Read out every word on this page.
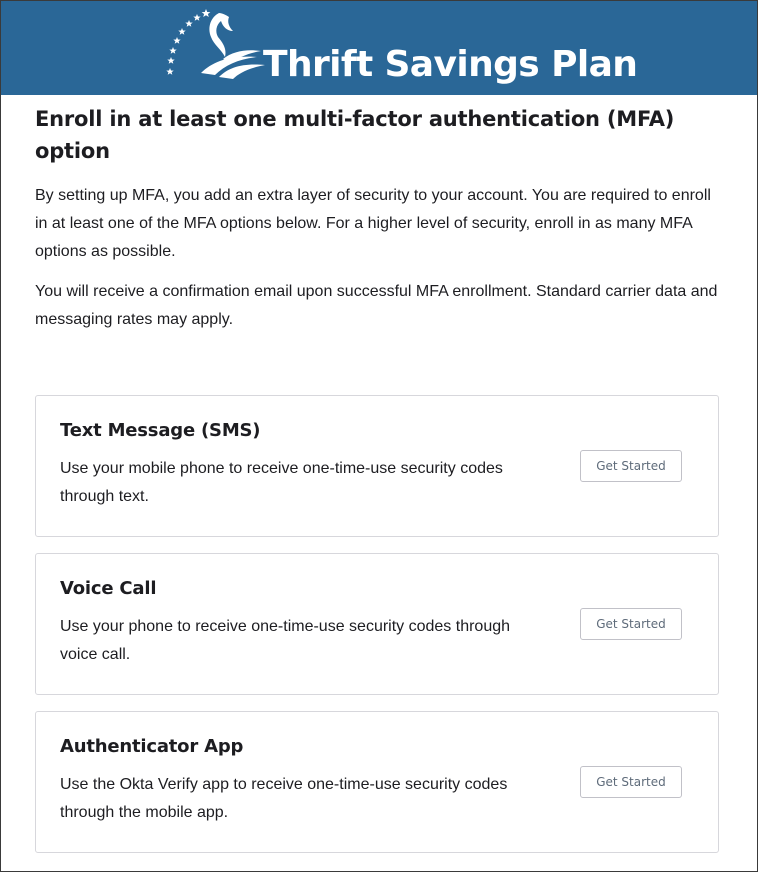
Thrift Savings Plan
Enroll in at least one multi-factor authentication (MFA) option

By setting up MFA, you add an extra layer of security to your account. You are required to enroll in at least one of the MFA options below. For a higher level of security, enroll in as many MFA options as possible.

You will receive a confirmation email upon successful MFA enrollment. Standard carrier data and messaging rates may apply.

Text Message (SMS)
Use your mobile phone to receive one-time-use security codes through text.
Get Started
Voice Call
Use your phone to receive one-time-use security codes through voice call.
Get Started
Authenticator App
Use the Okta Verify app to receive one-time-use security codes through the mobile app.
Get Started
